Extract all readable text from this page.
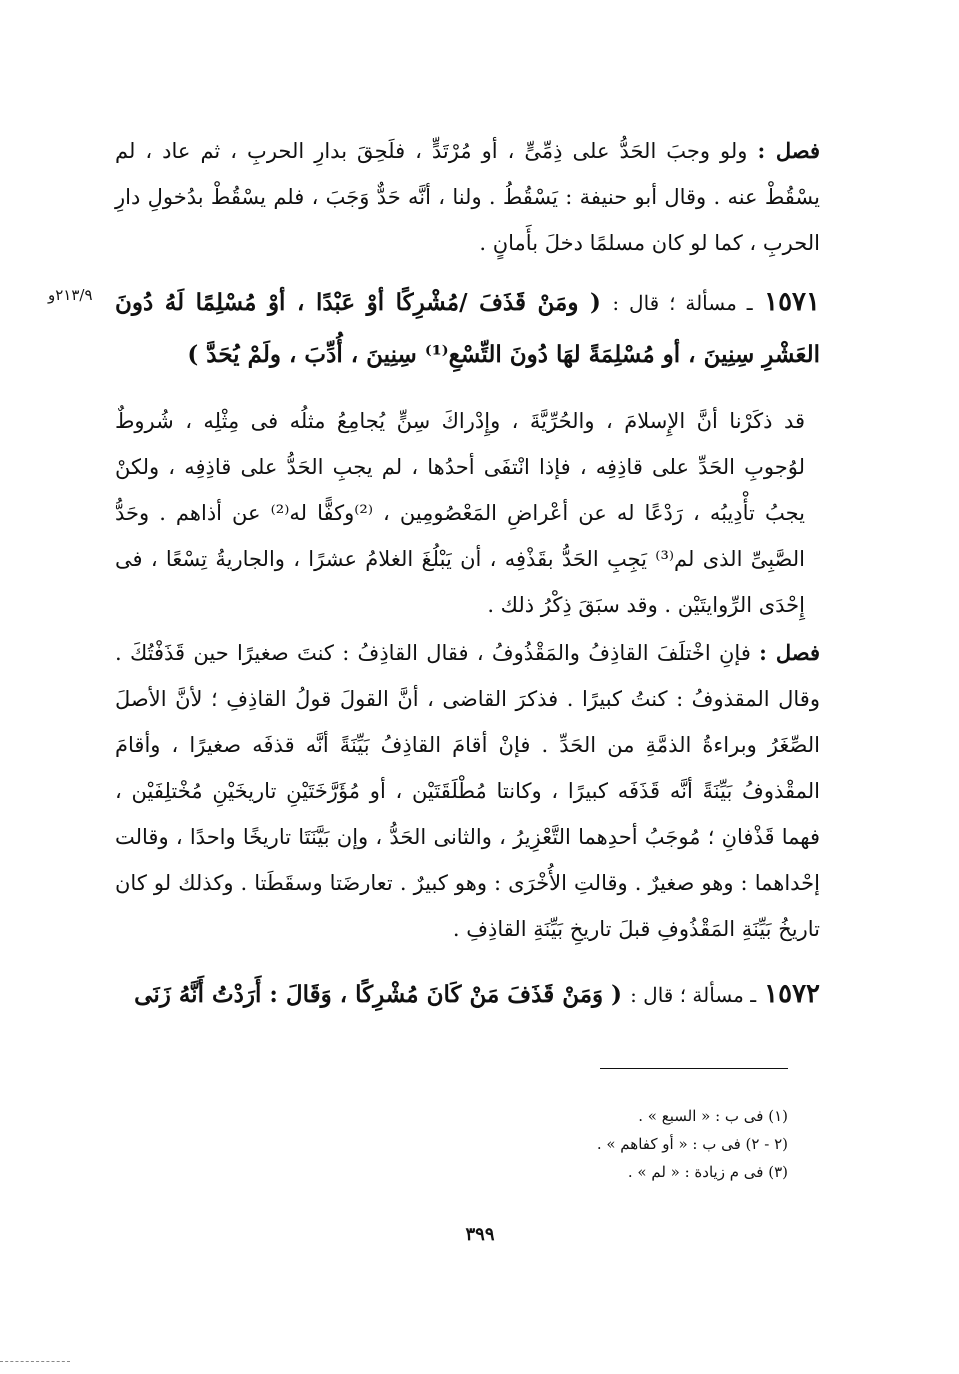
فصل : ولو وجبَ الحَدُّ على ذِمِّىٍّ ، أو مُرْتَدٍّ ، فلَحِقَ بدارِ الحربِ ، ثم عاد ، لم يسْقُطْ عنه . وقال أبو حنيفة : يَسْقُطُ . ولنا ، أنَّه حَدٌّ وَجَبَ ، فلم يسْقُطْ بدُخولِ دارِ الحربِ ، كما لو كان مسلمًا دخلَ بأَمانٍ .
٢١٣/٩و	١٥٧١ ـ مسألة ؛ قال : ( ومَنْ قَذَفَ /مُشْرِكًا أوْ عَبْدًا ، أوْ مُسْلِمًا لَهُ دُونَ العَشْرِ سِنِينَ ، أو مُسْلِمَةً لهَا دُونَ التِّسْعِ⁽¹⁾ سِنِينَ ، أُدِّبَ ، ولَمْ يُحَدَّ )
قد ذكَرْنا أنَّ الإِسلامَ ، والحُرِّيَّةَ ، وإِدْراكَ سِنٍّ يُجامِعُ مثلُه فى مِثْلِه ، شُروطٌ لوُجوبِ الحَدِّ على قاذِفِه ، فإذا انْتفَى أحدُها ، لم يجبِ الحَدُّ على قاذِفِه ، ولكنْ يجبُ تأْدِيبُه ، رَدْعًا له عن أعْراضِ المَعْصُومِين ، ⁽²⁾وكفًّا له⁽²⁾ عن أذاهم . وحَدُّ الصَّبِىِّ الذى لم⁽³⁾ يَجِبِ الحَدُّ بقَذْفِه ، أن يَبْلُغَ الغلامُ عشرًا ، والجاريةُ تِسْعًا ، فى إِحْدَى الرِّوايتَيْن . وقد سبَقَ ذِكْرُ ذلك .
فصل : فإنِ اخْتلَفَ القاذِفُ والمَقْذُوفُ ، فقال القاذِفُ : كنتَ صغيرًا حين قَذَفْتُكَ . وقال المقذوفُ : كنتُ كبيرًا . فذكرَ القاضى ، أنَّ القولَ قولُ القاذِفِ ؛ لأنَّ الأصلَ الصِّغَرُ وبراءةُ الذمَّةِ من الحَدِّ . فإنْ أقامَ القاذِفُ بَيِّنَةً أنَّه قذفَه صغيرًا ، وأقامَ المقْذوفُ بَيِّنَةً أنَّه قَذَفَه كبيرًا ، وكانتا مُطْلَقَتَيْن ، أو مُؤَرَّخَتَيْنِ تاريخَيْنِ مُخْتلِفَيْن ، فهما قَذْفانِ ؛ مُوجَبُ أحدِهما التَّعْزِيرُ ، والثانى الحَدُّ ، وإن بَيَّنَتَا تاريخًا واحدًا ، وقالت إحْداهما : وهو صغيرٌ . وقالتِ الأُخْرَى : وهو كبيرٌ . تعارضَتا وسقَطَتا . وكذلك لو كان تاريخُ بَيِّنَةِ المَقْذُوفِ قبلَ تاريخِ بَيِّنَةِ القاذِفِ .
١٥٧٢ ـ مسألة ؛ قال : ( وَمَنْ قَذَفَ مَنْ كَانَ مُشْرِكًا ، وَقَالَ : أَرَدْتُ أَنَّهُ زَنَى
(١) فى ب : « السبع » .
(٢ - ٢) فى ب : « أو كفاهم » .
(٣) فى م زيادة : « لم » .
٣٩٩
